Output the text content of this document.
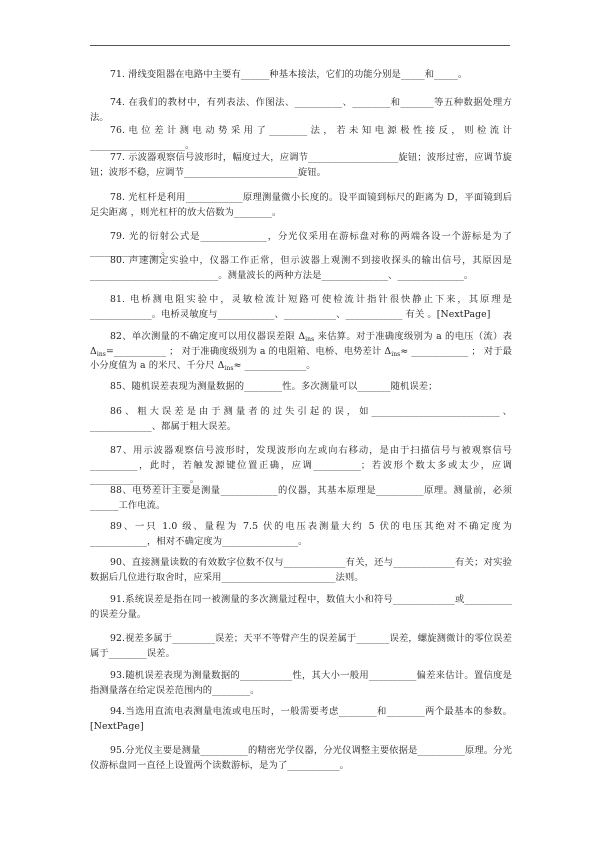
71. 滑线变阻器在电路中主要有______种基本接法，它们的功能分别是_____和_____。
74. 在我们的教材中，有列表法、作图法、__________、________和_______等五种数据处理方法。
76.电位差计测电动势采用了________法，若未知电源极性接反，则检流计____________________。
77. 示波器观察信号波形时，幅度过大，应调节___________________旋钮；波形过密，应调节旋钮；波形不稳，应调节________________________旋钮。
78. 光杠杆是利用____________原理测量微小长度的。设平面镜到标尺的距离为 D，平面镜到后足尖距离 ，则光杠杆的放大倍数为________。
79. 光的衍射公式是______________，分光仪采用在游标盘对称的两端各设一个游标是为了_______________。
80. 声速测定实验中，仪器工作正常，但示波器上观测不到接收探头的输出信号，其原因是___________________________。测量波长的两种方法是______________、______________。
81. 电桥测电阻实验中，灵敏检流计短路可使检流计指针很快静止下来，其原理是_____________。电桥灵敏度与____________、___________、____________ 有关 。[NextPage]
82、单次测量的不确定度可以用仪器误差限 $\Delta_{ins}$ 来估算。对于准确度级别为 a 的电压（流）表 $\Delta_{ins}=\_\_\_\_\_\_\_\_\_\_\_$ ； 对于准确度级别为 a 的电阻箱、电桥、电势差计 $\Delta_{ins}\approx$ ____________ ； 对于最小分度值为 a 的米尺、千分尺 $\Delta_{ins}\approx$ _____________。
85、随机误差表现为测量数据的________性。多次测量可以_______随机误差；
86、粗大误差是由于测量者的过失引起的误，如___________________________、_____________、都属于粗大误差。
87、用示波器观察信号波形时，发现波形向左或向右移动，是由于扫描信号与被观察信号__________，此时，若触发源键位置正确，应调__________；若波形个数太多或太少，应调_____________________。
88、电势差计主要是测量____________的仪器，其基本原理是__________原理。测量前，必须______工作电流。
89、一只 1.0 级、量程为 7.5 伏的电压表测量大约 5 伏的电压其绝对不确定度为____________，相对不确定度为________________。
90、直接测量读数的有效数字位数不仅与_____________有关，还与_____________有关；对实验数据后几位进行取舍时，应采用________________________法则。
91.系统误差是指在同一被测量的多次测量过程中，数值大小和符号_____________或__________的误差分量。
92.视差多属于_________误差；天平不等臂产生的误差属于_______误差，螺旋测微计的零位误差属于________误差。
93.随机误差表现为测量数据的___________性，其大小一般用__________偏差来估计。置信度是指测量落在给定误差范围内的________。
94.当选用直流电表测量电流或电压时，一般需要考虑________和________两个最基本的参数。[NextPage]
95.分光仪主要是测量__________的精密光学仪器，分光仪调整主要依据是__________原理。分光仪游标盘同一直径上设置两个读数游标，是为了___________。
